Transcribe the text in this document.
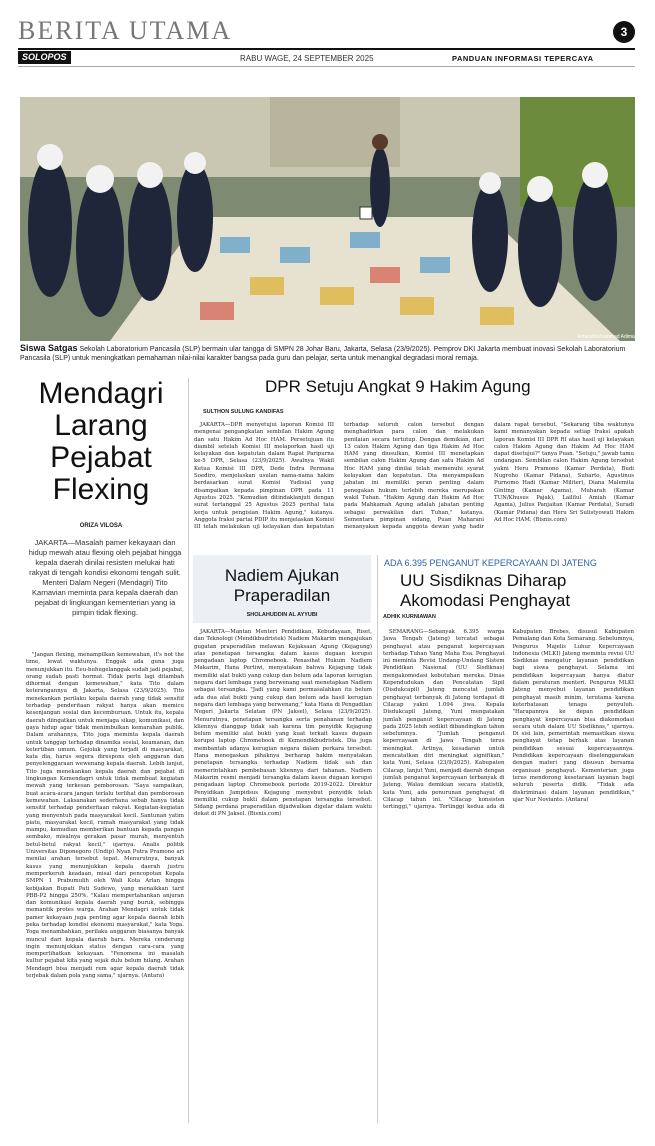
BERITA UTAMA	3
SOLOPOS	RABU WAGE, 24 SEPTEMBER 2025	PANDUAN INFORMASI TEPERCAYA
Antara/Muhammad Adimaja
Siswa Satgas Sekolah Laboratorium Pancasila (SLP) bermain ular tangga di SMPN 28 Johar Baru, Jakarta, Selasa (23/9/2025). Pemprov DKI Jakarta membuat inovasi Sekolah Laboratorium Pancasila (SLP) untuk meningkatkan pemahaman nilai-nilai karakter bangsa pada guru dan pelajar, serta untuk menangkal degradasi moral remaja.
Mendagri Larang Pejabat Flexing
ORIZA VILOSA
JAKARTA—Masalah pamer kekayaan dan hidup mewah atau flexing oleh pejabat hingga kepala daerah dinilai resisten melukai hati rakyat di tengah kondisi ekonomi tengah sulit. Menteri Dalam Negeri (Mendagri) Tito Karnavian meminta para kepala daerah dan pejabat di lingkungan kementerian yang ia pimpin tidak flexing.

"Jangan flexing, menampilkan kemewahan, it's not the time, lewat waktunya. Enggak ada guna juga menunjukkan itu. Eeu-buhugelanggak sudah jadi pejabat, orang sudah pasti hormat. Tidak perlu lagi ditambah dihormat dengan kemewahan," kata Tito dalam keterangannya di Jakarta, Selasa (23/9/2025). Tito menekankan perilaku kepala daerah yang tidak sensitif terhadap penderitaan rakyat hanya akan memicu kesenjangan sosial dan kecemburuan. Untuk itu, kepala daerah diingatkan untuk menjaga sikap, komunikasi, dan gaya hidup agar tidak menimbulkan kemarahan publik. Dalam arahannya, Tito juga meminta kepala daerah untuk tanggap terhadap dinamika sosial, keamanan, dan ketertiban umum. Gejolak yang terjadi di masyarakat, kata dia, harus segera direspons oleh anggaran dan penyelenggaraan wewenang kepala daerah. Lebih lanjut, Tito juga menekankan kepala daerah dan pejabat di lingkungan Kemendagri untuk tidak membuat kegiatan mewah yang terkesan pemborosan. "Saya sampaikan, buat acara-acara jangan terlalu terlihat dan pemborosan kemewahan. Laksanakan sederhana sebab hanya tidak sensitif terhadap penderitaan rakyat. Kegiatan-kegiatan yang menyentuh pada masyarakat kecil. Santunan yatim piatu, masyarakat kecil, rumah masyarakat yang tidak mampu, kemudian memberikan bantuan kepada pangan sembako, misalnya gerakan pasar murah, menyentuh betul-betul rakyat kecil," ujarnya. Analis politik Universitas Diponegoro (Undip) Nyan Putra Pramono ari menilai arahan tersebut tepat. Menurutnya, banyak kasus yang menunjukkan kepala daerah justru memperkeruh keadaan, misal dari pencopotan Kepala SMPN 1 Prabumulih oleh Wali Kota Arlan hingga kebijakan Bupati Pati Sudewo, yang menaikkan tarif PBB-P2 hingga 250%. "Kalau mempertahankan anjuran dan komunikasi kepala daerah yang buruk, sebingga memantik protes warga. Arahan Mendagri untuk tidak pamer kekayaan juga penting agar kepala daerah lebih peka terhadap kondisi ekonomi masyarakat," kata Yoga. Yoga menambahkan, perilaku anggaran biasanya banyak muncul dari kepala daerah baru. Mereka cenderung ingin menunjukkan status dengan cara-cara yang memperlihatkan kekayaan. "Fenomena ini masalah kultur pejabat kita yang sejak dulu belum hilang. Arahan Mendagri bisa menjadi rem agar kepala daerah tidak terjebak dalam pola yang sama," ujarnya. (Antara)

DPR Setuju Angkat 9 Hakim Agung
SULTHON SULUNG KANDIFAS

JAKARTA—DPR menyetujui laporan Komisi III mengenai pengangkatan sembilan Hakim Agung dan satu Hakim Ad Hoc HAM. Persetujuan itu diambil setelah Komisi III melaporkan hasil uji kelayakan dan kepatutan dalam Rapat Paripurna ke-5 DPR, Selasa (23/9/2025). Awalnya Wakil Ketua Komisi III DPR, Dede Indra Permana Soediro, menjelaskan usulan nama-nama hakim berdasarkan surat Komisi Yudisial yang disampaikan kepada pimpinan DPR pada 11 Agustus 2025. "Kemudian ditindaklanjuti dengan surat tertanggal 25 Agustus 2025 perihal tata kerja untuk pengisian Hakim Agung," katanya. Anggota fraksi partai PDIP itu menjelaskan Komisi III telah melakukan uji kelayakan dan kepatutan terhadap seluruh calon tersebut dengan menghadirkan para calon dan melakukan penilaian secara tertutup. Dengan demikian, dari 13 calon Hakim Agung dan tiga Hakim Ad Hoc HAM yang diusulkan, Komisi III menetapkan sembilan calon Hakim Agung dan satu Hakim Ad Hoc HAM yang dinilai telah memenuhi syarat kelayakan dan kepatutan. Dia menyampaikan jabatan ini memiliki peran penting dalam penegakan hukum terlebih mereka merupakan wakil Tuhan. "Hakim Agung dan Hakim Ad Hoc pada Mahkamah Agung adalah jabatan penting sebagai perwakilan dari Tuhan," katanya. Sementara pimpinan sidang, Puan Maharani menanyakan kepada anggota dewan yang hadir dalam rapat tersebut. "Sekarang tiba waktunya kami menanyakan kepada setiap fraksi apakah laporan Komisi III DPR RI atas hasil uji kelayakan calon Hakim Agung dan Hakim Ad Hoc HAM dapat disetujui?" tanya Puan. "Setuju," jawab tamu undangan. Sembilan calon Hakim Agung tersebut yakni Heru Pramono (Kamar Perdata), Budi Nugroho (Kamar Pidana), Suharto, Agustinus Purnomo Hadi (Kamar Militer), Diana Malemita Ginting (Kamar Agama), Muharah (Kamar TUN/Khusus Pajak), Laililul Amiah (Kamar Agama), Julius Panjaitan (Kamar Perdata), Suradi (Kamar Pidana) dan Heru Sri Sulistyowati Hakim Ad Hoc HAM. (Bisnis.com)

Nadiem Ajukan Praperadilan
SHOLAHUDDIN AL AYYUBI

JAKARTA—Mantan Menteri Pendidikan, Kebudayaan, Riset, dan Teknologi (Mendikbudristek) Nadiem Makarim mengajukan gugatan praperadilan melawan Kejaksaan Agung (Kejagung) atas penetapan tersangka dalam kasus dugaan korupsi pengadaan laptop Chromebook. Penasihat Hukum Nadiem Makarim, Hana Pertiwi, menyatakan bahwa Kejagung tidak memiliki alat bukti yang cukup dan belum ada laporan kerugian negara dari lembaga yang berwenang saat menetapkan Nadiem sebagai tersangka. "Jadi yang kami permasalahkan itu belum ada dua alat bukti yang cukup dan belum ada hasil kerugian negara dari lembaga yang berwenang," kata Hana di Pengadilan Negeri Jakarta Selatan (PN Jaksel), Selasa (23/9/2025). Menurutnya, penetapan tersangka serta penahanan terhadap kliennya dianggap tidak sah karena tim penyidik Kejagung belum memiliki alat bukti yang kuat terkait kasus dugaan korupsi laptop Chromebook di Kemendikbudristek. Dia juga membantah adanya kerugian negara dalam perkara tersebut. Hana menegaskan pihaknya berharap hakim menyatakan penetapan tersangka terhadap Nadiem tidak sah dan memerintahkan pembebasan kliennya dari tahanan. Nadiem Makarim resmi menjadi tersangka dalam kasus dugaan korupsi pengadaan laptop Chromebook periode 2019-2022. Direktur Penyidikan Jampidsus Kejagung menyebut penyidik telah memiliki cukup bukti dalam penetapan tersangka tersebut. Sidang perdana praperadilan dijadwalkan digelar dalam waktu dekat di PN Jaksel. (Bisnis.com)

ADA 6.395 PENGANUT KEPERCAYAAN DI JATENG
UU Sisdiknas Diharap Akomodasi Penghayat
ADHIK KURNIAWAN

SEMARANG—Sebanyak 6.395 warga Jawa Tengah (Jateng) tercatat sebagai penghayat atau penganut kepercayaan terhadap Tuhan Yang Maha Esa. Penghayat ini meminta Revisi Undang-Undang Sistem Pendidikan Nasional (UU Sisdiknas) mengakomodasi kebutuhan mereka. Dinas Kependudukan dan Pencatatan Sipil (Disdukcapil) Jateng mencatat jumlah penghayat terbanyak di Jateng terdapat di Cilacap yakni 1.094 jiwa. Kepala Disdukcapil Jateng, Yuni mengatakan jumlah penganut kepercayaan di Jateng pada 2025 lebih sedikit dibandingkan tahun sebelumnya. "Jumlah penganut kepercayaan di Jawa Tengah terus meningkat. Artinya, kesadaran untuk mencatatkan diri meningkat signifikan," kata Yuni, Selasa (23/9/2025). Kabupaten Cilacap, lanjut Yuni, menjadi daerah dengan jumlah penganut kepercayaan terbanyak di Jateng. Walau demikian secara statistik, kata Yuni, ada penurunan penghayat di Cilacap tahun ini. "Cilacap konsisten tertinggi," ujarnya. Tertinggi kedua ada di Kabupaten Brebes, disusul Kabupaten Pemalang dan Kota Semarang. Sebelumnya, Pengurus Majelis Luhur Kepercayaan Indonesia (MLKI) Jateng meminta revisi UU Sisdiknas mengatur layanan pendidikan bagi siswa penghayat. Selama ini pendidikan kepercayaan hanya diatur dalam peraturan menteri. Pengurus MLKI Jateng menyebut layanan pendidikan penghayat masih minim, terutama karena keterbatasan tenaga penyuluh. "Harapannya ke depan pendidikan penghayat kepercayaan bisa diakomodasi secara utuh dalam UU Sisdiknas," ujarnya. Di sisi lain, pemerintah memastikan siswa penghayat tetap berhak atas layanan pendidikan sesuai kepercayaannya. Pendidikan kepercayaan diselenggarakan dengan materi yang disusun bersama organisasi penghayat. Kementerian juga terus mendorong kesetaraan layanan bagi seluruh peserta didik. "Tidak ada diskriminasi dalam layanan pendidikan," ujar Nur Novianto. (Antara)
